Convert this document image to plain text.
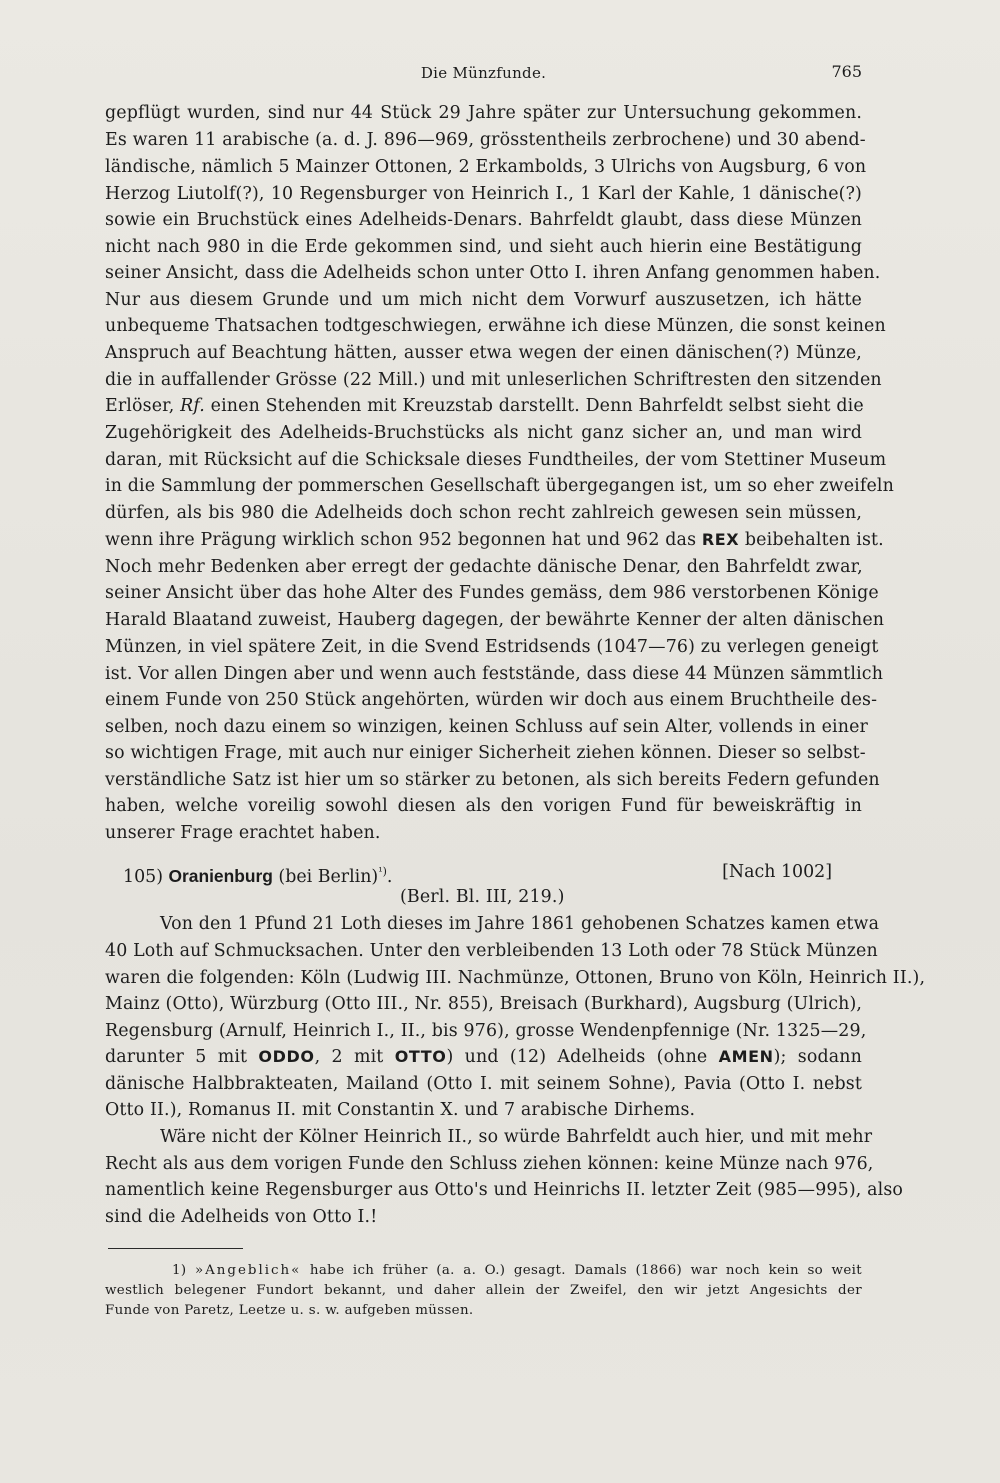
Die Münzfunde.	765
gepflügt wurden, sind nur 44 Stück 29 Jahre später zur Untersuchung gekommen.
Es waren 11 arabische (a. d. J. 896—969, grösstentheils zerbrochene) und 30 abend-
ländische, nämlich 5 Mainzer Ottonen, 2 Erkambolds, 3 Ulrichs von Augsburg, 6 von
Herzog Liutolf(?), 10 Regensburger von Heinrich I., 1 Karl der Kahle, 1 dänische(?)
sowie ein Bruchstück eines Adelheids-Denars. Bahrfeldt glaubt, dass diese Münzen
nicht nach 980 in die Erde gekommen sind, und sieht auch hierin eine Bestätigung
seiner Ansicht, dass die Adelheids schon unter Otto I. ihren Anfang genommen haben.
Nur aus diesem Grunde und um mich nicht dem Vorwurf auszusetzen, ich hätte
unbequeme Thatsachen todtgeschwiegen, erwähne ich diese Münzen, die sonst keinen
Anspruch auf Beachtung hätten, ausser etwa wegen der einen dänischen(?) Münze,
die in auffallender Grösse (22 Mill.) und mit unleserlichen Schriftresten den sitzenden
Erlöser, Rf. einen Stehenden mit Kreuzstab darstellt. Denn Bahrfeldt selbst sieht die
Zugehörigkeit des Adelheids-Bruchstücks als nicht ganz sicher an, und man wird
daran, mit Rücksicht auf die Schicksale dieses Fundtheiles, der vom Stettiner Museum
in die Sammlung der pommerschen Gesellschaft übergegangen ist, um so eher zweifeln
dürfen, als bis 980 die Adelheids doch schon recht zahlreich gewesen sein müssen,
wenn ihre Prägung wirklich schon 952 begonnen hat und 962 das REX beibehalten ist.
Noch mehr Bedenken aber erregt der gedachte dänische Denar, den Bahrfeldt zwar,
seiner Ansicht über das hohe Alter des Fundes gemäss, dem 986 verstorbenen Könige
Harald Blaatand zuweist, Hauberg dagegen, der bewährte Kenner der alten dänischen
Münzen, in viel spätere Zeit, in die Svend Estridsends (1047—76) zu verlegen geneigt
ist. Vor allen Dingen aber und wenn auch feststände, dass diese 44 Münzen sämmtlich
einem Funde von 250 Stück angehörten, würden wir doch aus einem Bruchtheile des-
selben, noch dazu einem so winzigen, keinen Schluss auf sein Alter, vollends in einer
so wichtigen Frage, mit auch nur einiger Sicherheit ziehen können. Dieser so selbst-
verständliche Satz ist hier um so stärker zu betonen, als sich bereits Federn gefunden
haben, welche voreilig sowohl diesen als den vorigen Fund für beweiskräftig in
unserer Frage erachtet haben.
105) Oranienburg (bei Berlin)$^{^1)}$.	[Nach 1002]
(Berl. Bl. III, 219.)
Von den 1 Pfund 21 Loth dieses im Jahre 1861 gehobenen Schatzes kamen etwa
40 Loth auf Schmucksachen. Unter den verbleibenden 13 Loth oder 78 Stück Münzen
waren die folgenden: Köln (Ludwig III. Nachmünze, Ottonen, Bruno von Köln, Heinrich II.),
Mainz (Otto), Würzburg (Otto III., Nr. 855), Breisach (Burkhard), Augsburg (Ulrich),
Regensburg (Arnulf, Heinrich I., II., bis 976), grosse Wendenpfennige (Nr. 1325—29,
darunter 5 mit ODDO, 2 mit OTTO) und (12) Adelheids (ohne AMEN); sodann
dänische Halbbrakteaten, Mailand (Otto I. mit seinem Sohne), Pavia (Otto I. nebst
Otto II.), Romanus II. mit Constantin X. und 7 arabische Dirhems.
Wäre nicht der Kölner Heinrich II., so würde Bahrfeldt auch hier, und mit mehr
Recht als aus dem vorigen Funde den Schluss ziehen können: keine Münze nach 976,
namentlich keine Regensburger aus Otto's und Heinrichs II. letzter Zeit (985—995), also
sind die Adelheids von Otto I.!
1) »Angeblich« habe ich früher (a. a. O.) gesagt. Damals (1866) war noch kein so weit
westlich belegener Fundort bekannt, und daher allein der Zweifel, den wir jetzt Angesichts der
Funde von Paretz, Leetze u. s. w. aufgeben müssen.
